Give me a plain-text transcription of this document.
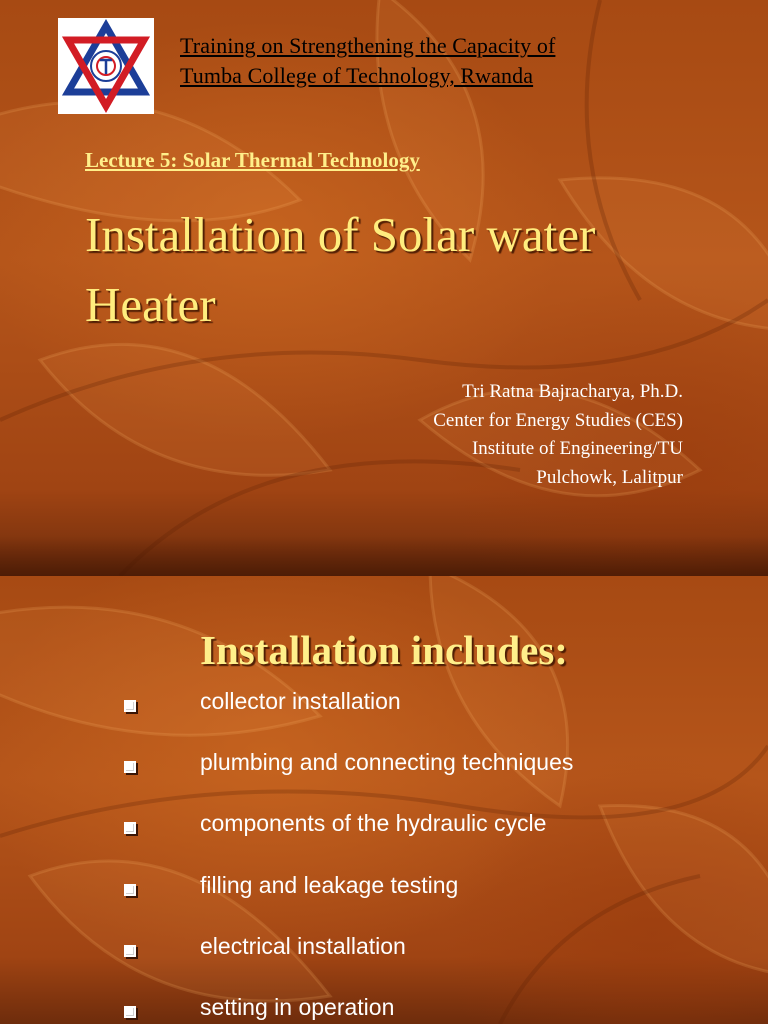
Training on Strengthening the Capacity of
Tumba College of Technology, Rwanda
Lecture 5: Solar Thermal Technology
Installation of Solar water
Heater
Tri Ratna Bajracharya, Ph.D.
Center for Energy Studies (CES)
Institute of Engineering/TU
Pulchowk, Lalitpur
Installation includes:
collector installation
plumbing and connecting techniques
components of the hydraulic cycle
filling and leakage testing
electrical installation
setting in operation
